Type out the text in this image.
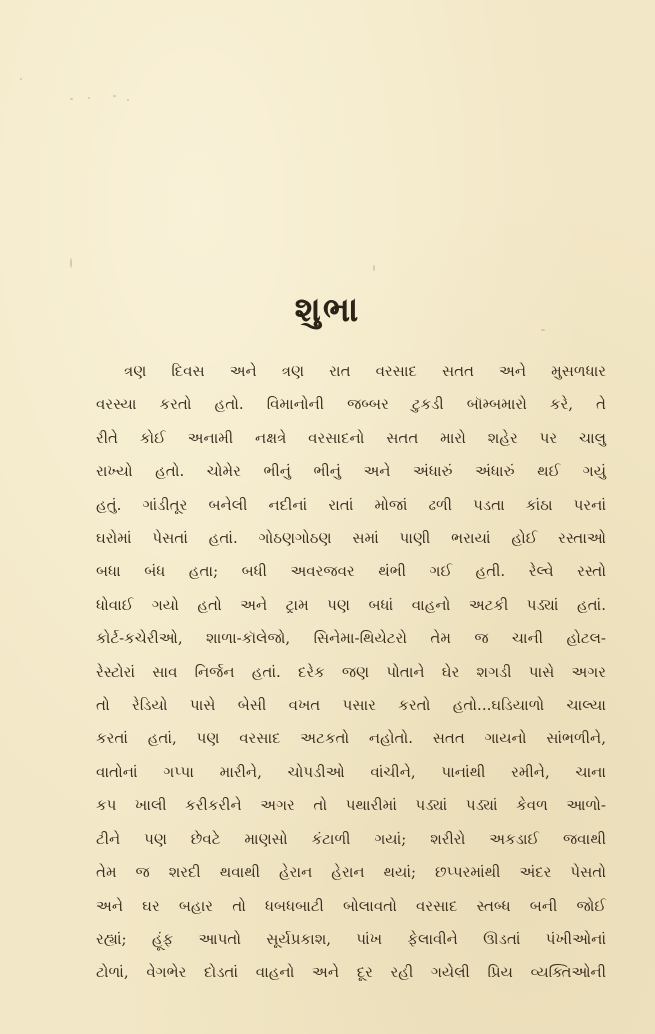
શુભા
ત્રણ દિવસ અને ત્રણ રાત વરસાદ સતત અને મુસળધાર
વરસ્યા કરતો હતો. વિમાનોની જબ્બર ટુકડી બૉમ્બમારો કરે, તે
રીતે કોઈ અનામી નક્ષત્રે વરસાદનો સતત મારો શહેર પર ચાલુ
રાખ્યો હતો. ચોમેર ભીનું ભીનું અને અંધારું અંધારું થઈ ગયું
હતું. ગાંડીતૂર બનેલી નદીનાં રાતાં મોજાં ઢળી પડતા કાંઠા પરનાં
ઘરોમાં પેસતાં હતાં. ગોઠણગોઠણ સમાં પાણી ભરાયાં હોઈ રસ્તાઓ
બધા બંધ હતા; બધી અવરજવર થંભી ગઈ હતી. રેલ્વે રસ્તો
ધોવાઈ ગયો હતો અને ટ્રામ પણ બધાં વાહનો અટકી પડ્યાં હતાં.
કોર્ટ-કચેરીઓ, શાળા-કૉલેજો, સિનેમા-થિયેટરો તેમ જ ચાની હોટલ-
રેસ્ટોરાં સાવ નિર્જન હતાં. દરેક જણ પોતાને ઘેર શગડી પાસે અગર
તો રેડિયો પાસે બેસી વખત પસાર કરતો હતો...ઘડિયાળો ચાલ્યા
કરતાં હતાં, પણ વરસાદ અટકતો નહોતો. સતત ગાયનો સાંભળીને,
વાતોનાં ગપ્પા મારીને, ચોપડીઓ વાંચીને, પાનાંથી રમીને, ચાના
કપ ખાલી કરીકરીને અગર તો પથારીમાં પડ્યાં પડ્યાં કેવળ આળો-
ટીને પણ છેવટે માણસો કંટાળી ગયાં; શરીરો અકડાઈ જવાથી
તેમ જ શરદી થવાથી હેરાન હેરાન થયાં; છપ્પરમાંથી અંદર પેસતો
અને ઘર બહાર તો ધબધબાટી બોલાવતો વરસાદ સ્તબ્ધ બની જોઈ
રહ્યાં; હૂંફ આપતો સૂર્યપ્રકાશ, પાંખ ફેલાવીને ઊડતાં પંખીઓનાં
ટોળાં, વેગભેર દોડતાં વાહનો અને દૂર રહી ગયેલી પ્રિય વ્યક્તિઓની
